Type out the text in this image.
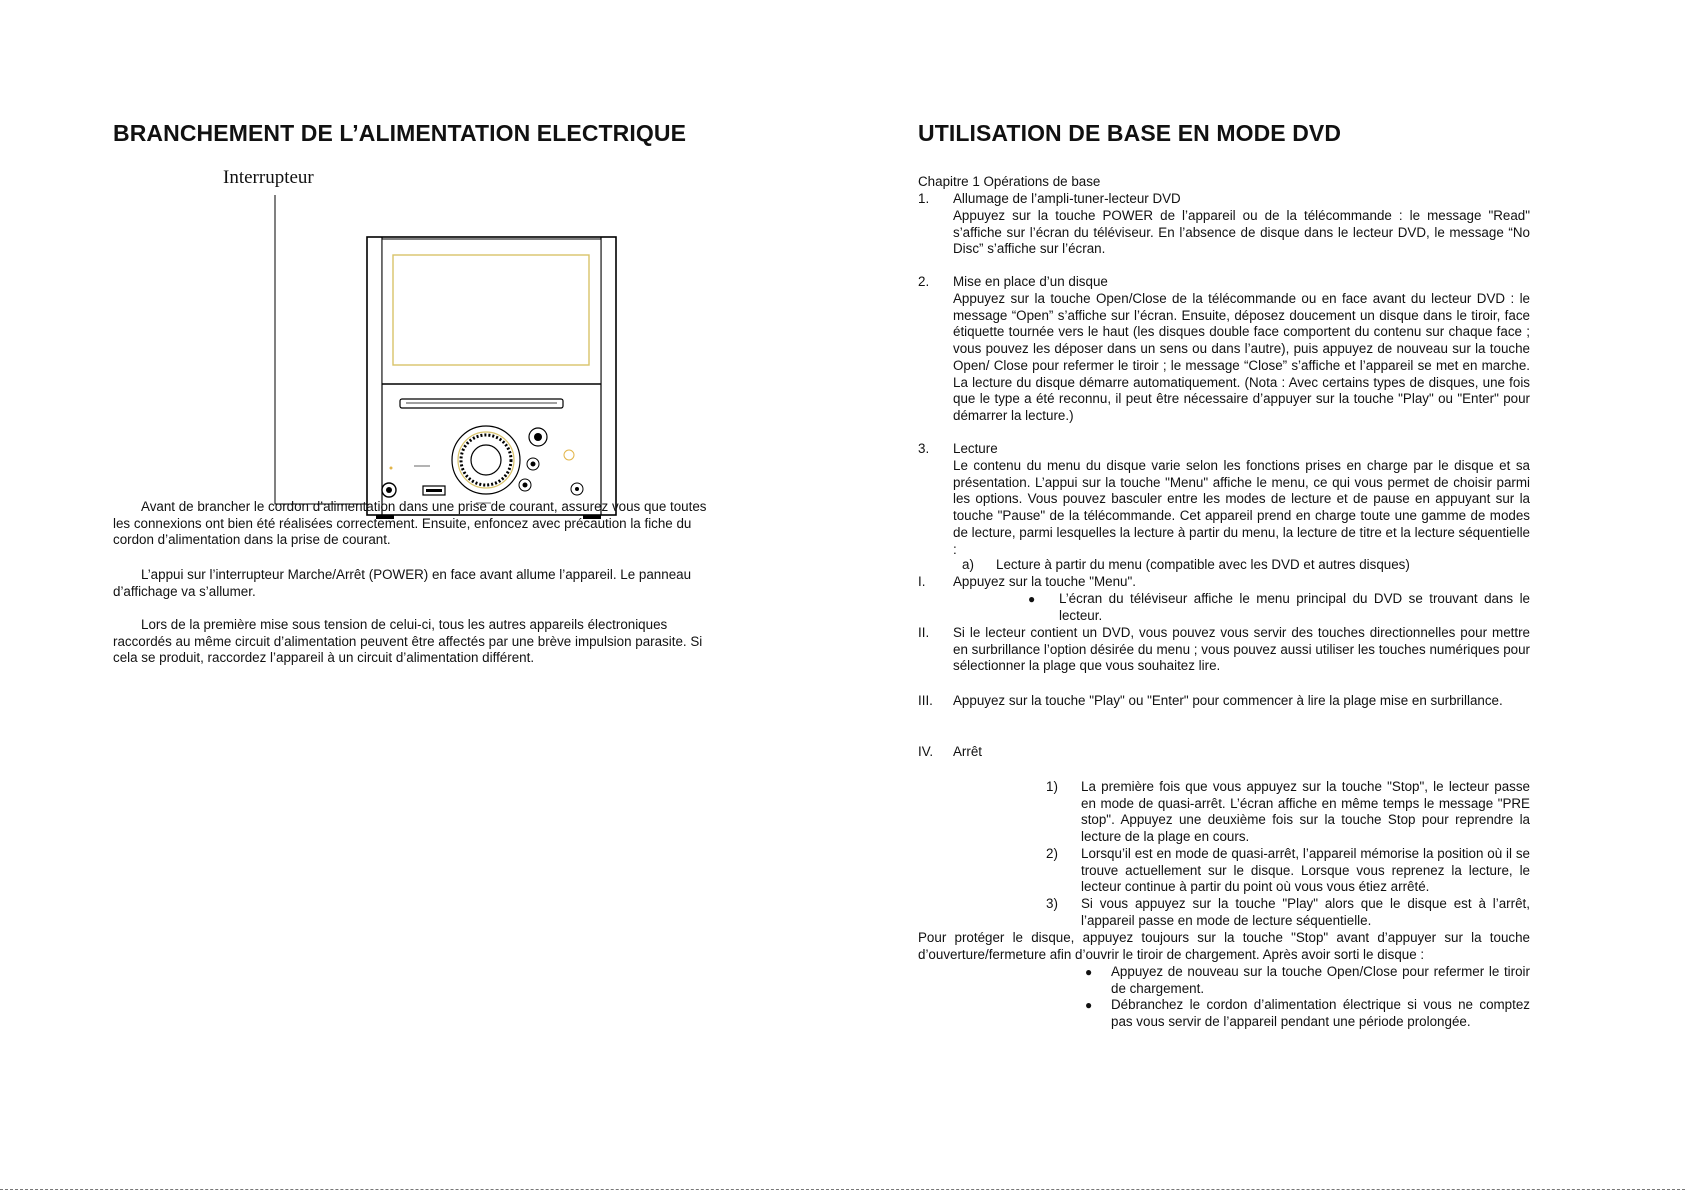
BRANCHEMENT DE L’ALIMENTATION ELECTRIQUE
Interrupteur
Avant de brancher le cordon d’alimentation dans une prise de courant, assurez vous que toutes les connexions ont bien été réalisées correctement. Ensuite, enfoncez avec précaution la fiche du cordon d’alimentation dans la prise de courant.
L’appui sur l’interrupteur Marche/Arrêt (POWER) en face avant allume l’appareil. Le panneau d’affichage va s’allumer.
Lors de la première mise sous tension de celui-ci, tous les autres appareils électroniques raccordés au même circuit d’alimentation peuvent être affectés par une brève impulsion parasite. Si cela se produit, raccordez l’appareil à un circuit d’alimentation différent.
UTILISATION DE BASE EN MODE DVD
Chapitre 1 Opérations de base
1. Allumage de l’ampli-tuner-lecteur DVD
Appuyez sur la touche POWER de l’appareil ou de la télécommande : le message "Read" s’affiche sur l’écran du téléviseur. En l’absence de disque dans le lecteur DVD, le message “No Disc” s’affiche sur l’écran.
2. Mise en place d’un disque
Appuyez sur la touche Open/Close de la télécommande ou en face avant du lecteur DVD : le message “Open” s’affiche sur l’écran. Ensuite, déposez doucement un disque dans le tiroir, face étiquette tournée vers le haut (les disques double face comportent du contenu sur chaque face ; vous pouvez les déposer dans un sens ou dans l’autre), puis appuyez de nouveau sur la touche Open/ Close pour refermer le tiroir ; le message “Close” s’affiche et l’appareil se met en marche. La lecture du disque démarre automatiquement. (Nota : Avec certains types de disques, une fois que le type a été reconnu, il peut être nécessaire d’appuyer sur la touche "Play" ou "Enter" pour démarrer la lecture.)
3. Lecture
Le contenu du menu du disque varie selon les fonctions prises en charge par le disque et sa présentation. L’appui sur la touche "Menu" affiche le menu, ce qui vous permet de choisir parmi les options. Vous pouvez basculer entre les modes de lecture et de pause en appuyant sur la touche "Pause" de la télécommande. Cet appareil prend en charge toute une gamme de modes de lecture, parmi lesquelles la lecture à partir du menu, la lecture de titre et la lecture séquentielle :
a) Lecture à partir du menu (compatible avec les DVD et autres disques)
I. Appuyez sur la touche "Menu".
● L’écran du téléviseur affiche le menu principal du DVD se trouvant dans le lecteur.
II. Si le lecteur contient un DVD, vous pouvez vous servir des touches directionnelles pour mettre en surbrillance l’option désirée du menu ; vous pouvez aussi utiliser les touches numériques pour sélectionner la plage que vous souhaitez lire.
III. Appuyez sur la touche "Play" ou "Enter" pour commencer à lire la plage mise en surbrillance.
IV. Arrêt
1) La première fois que vous appuyez sur la touche "Stop", le lecteur passe en mode de quasi-arrêt. L’écran affiche en même temps le message "PRE stop". Appuyez une deuxième fois sur la touche Stop pour reprendre la lecture de la plage en cours.
2) Lorsqu’il est en mode de quasi-arrêt, l’appareil mémorise la position où il se trouve actuellement sur le disque. Lorsque vous reprenez la lecture, le lecteur continue à partir du point où vous vous étiez arrêté.
3) Si vous appuyez sur la touche "Play" alors que le disque est à l’arrêt, l’appareil passe en mode de lecture séquentielle.
Pour protéger le disque, appuyez toujours sur la touche "Stop" avant d’appuyer sur la touche d’ouverture/fermeture afin d’ouvrir le tiroir de chargement. Après avoir sorti le disque :
● Appuyez de nouveau sur la touche Open/Close pour refermer le tiroir de chargement.
● Débranchez le cordon d’alimentation électrique si vous ne comptez pas vous servir de l’appareil pendant une période prolongée.
